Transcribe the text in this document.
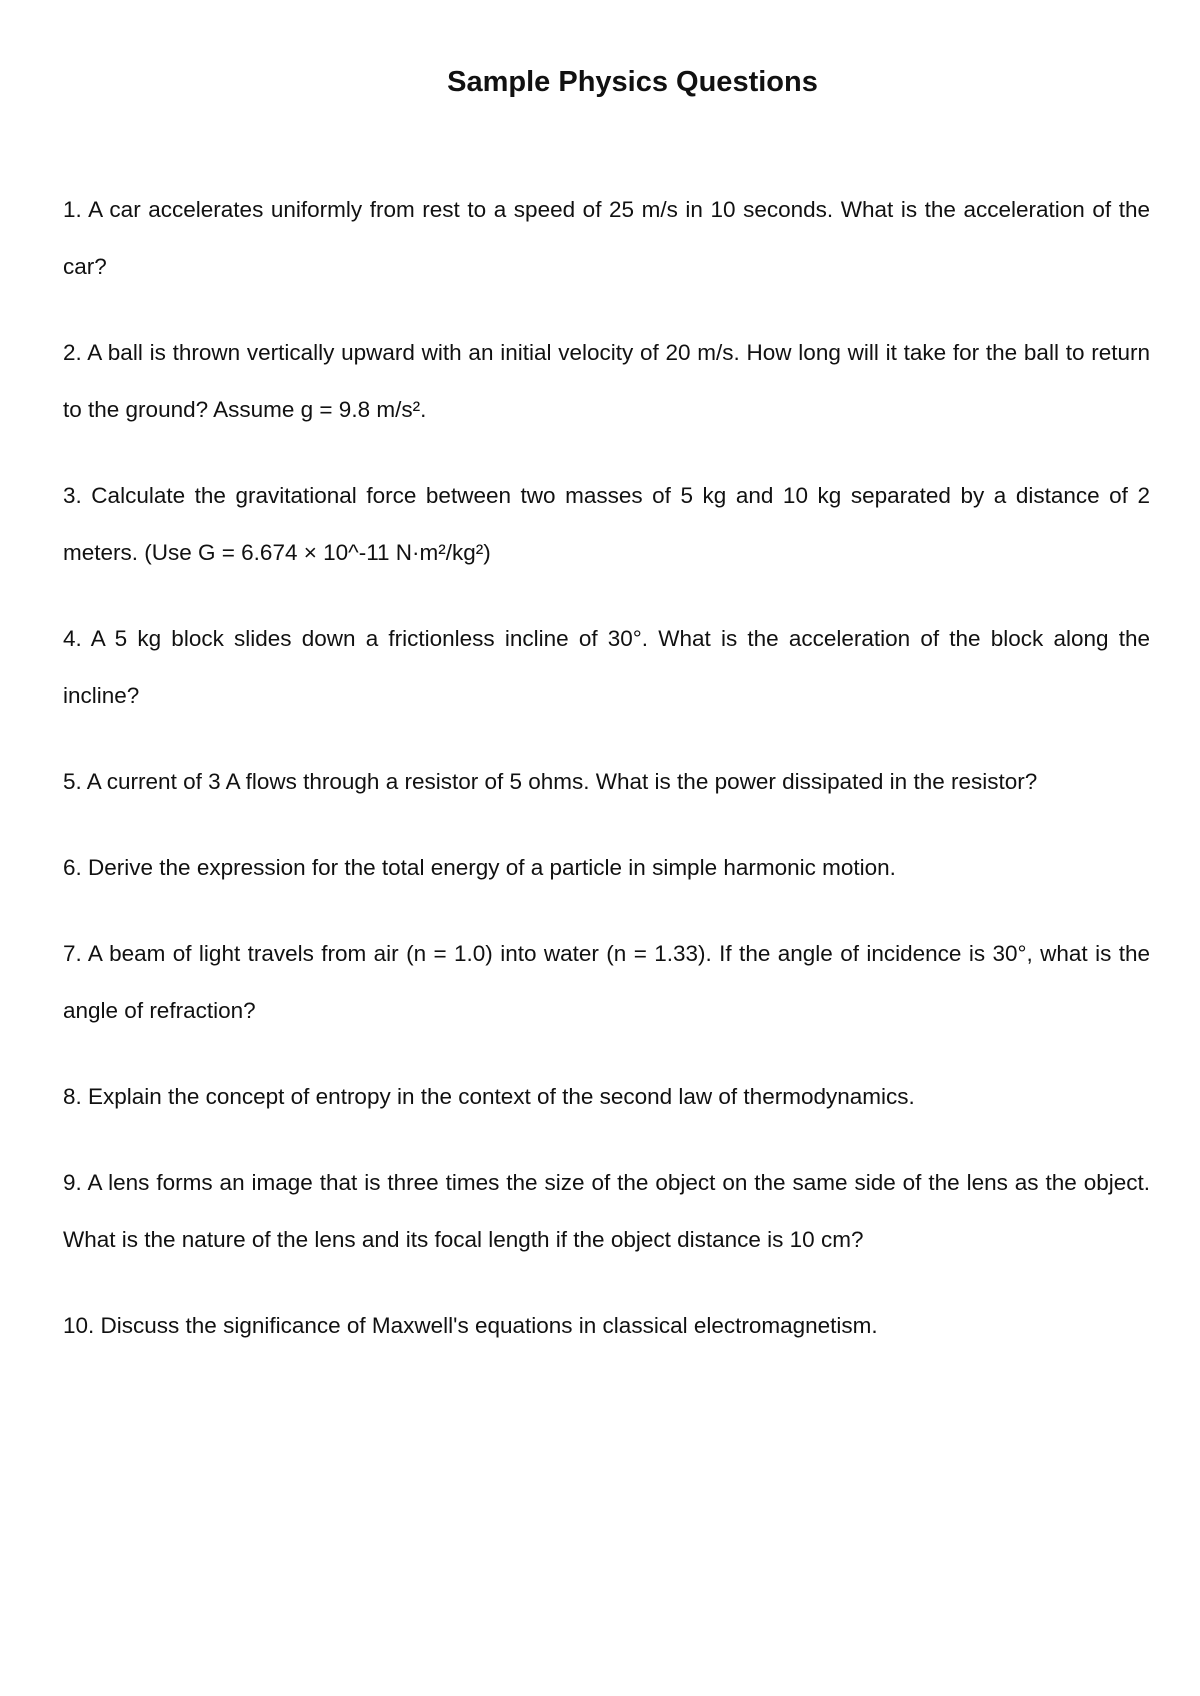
Sample Physics Questions
1. A car accelerates uniformly from rest to a speed of 25 m/s in 10 seconds. What is the acceleration of the car?
2. A ball is thrown vertically upward with an initial velocity of 20 m/s. How long will it take for the ball to return to the ground? Assume g = 9.8 m/s².
3. Calculate the gravitational force between two masses of 5 kg and 10 kg separated by a distance of 2 meters. (Use G = 6.674 × 10^-11 N·m²/kg²)
4. A 5 kg block slides down a frictionless incline of 30°. What is the acceleration of the block along the incline?
5. A current of 3 A flows through a resistor of 5 ohms. What is the power dissipated in the resistor?
6. Derive the expression for the total energy of a particle in simple harmonic motion.
7. A beam of light travels from air (n = 1.0) into water (n = 1.33). If the angle of incidence is 30°, what is the angle of refraction?
8. Explain the concept of entropy in the context of the second law of thermodynamics.
9. A lens forms an image that is three times the size of the object on the same side of the lens as the object. What is the nature of the lens and its focal length if the object distance is 10 cm?
10. Discuss the significance of Maxwell's equations in classical electromagnetism.
